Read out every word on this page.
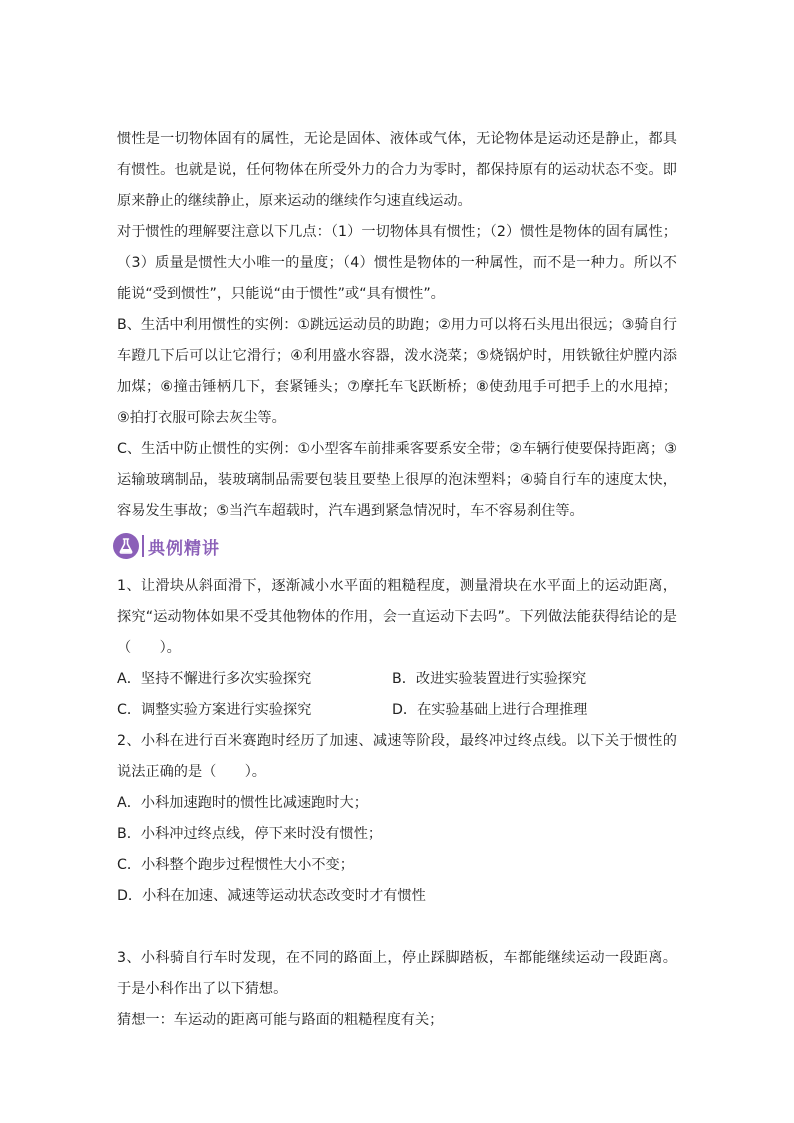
惯性是一切物体固有的属性，无论是固体、液体或气体，无论物体是运动还是静止，都具有惯性。也就是说，任何物体在所受外力的合力为零时，都保持原有的运动状态不变。即原来静止的继续静止，原来运动的继续作匀速直线运动。

对于惯性的理解要注意以下几点：（1）一切物体具有惯性；（2）惯性是物体的固有属性；（3）质量是惯性大小唯一的量度；（4）惯性是物体的一种属性，而不是一种力。所以不能说“受到惯性”，只能说“由于惯性”或“具有惯性”。

B、生活中利用惯性的实例：①跳远运动员的助跑；②用力可以将石头甩出很远；③骑自行车蹬几下后可以让它滑行；④利用盛水容器，泼水浇菜；⑤烧锅炉时，用铁锨往炉膛内添加煤；⑥撞击锤柄几下，套紧锤头；⑦摩托车飞跃断桥；⑧使劲甩手可把手上的水甩掉；⑨拍打衣服可除去灰尘等。

C、生活中防止惯性的实例：①小型客车前排乘客要系安全带；②车辆行使要保持距离；③运输玻璃制品，装玻璃制品需要包装且要垫上很厚的泡沫塑料；④骑自行车的速度太快，容易发生事故；⑤当汽车超载时，汽车遇到紧急情况时，车不容易刹住等。

典例精讲

1、让滑块从斜面滑下，逐渐减小水平面的粗糙程度，测量滑块在水平面上的运动距离，探究“运动物体如果不受其他物体的作用，会一直运动下去吗”。下列做法能获得结论的是（　　）。

A．坚持不懈进行多次实验探究	B．改进实验装置进行实验探究
C．调整实验方案进行实验探究	D．在实验基础上进行合理推理

2、小科在进行百米赛跑时经历了加速、减速等阶段，最终冲过终点线。以下关于惯性的说法正确的是（　　）。

A．小科加速跑时的惯性比减速跑时大；

B．小科冲过终点线，停下来时没有惯性；

C．小科整个跑步过程惯性大小不变；

D．小科在加速、减速等运动状态改变时才有惯性

3、小科骑自行车时发现，在不同的路面上，停止踩脚踏板，车都能继续运动一段距离。于是小科作出了以下猜想。

猜想一：车运动的距离可能与路面的粗糙程度有关；
